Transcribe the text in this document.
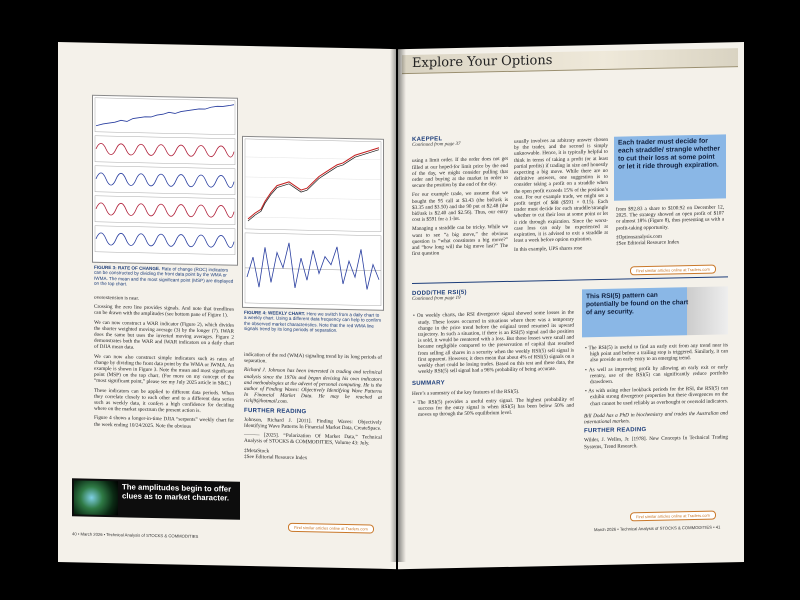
FIGURE 3: RATE OF CHANGE. Rate of change (ROC) indicators can be constructed by dividing the front data point by the WMA or IWMA. The mean and the most significant point (MSP) are displayed on the top chart.
FIGURE 4: WEEKLY CHART. Here we switch from a daily chart to a weekly chart. Using a different data frequency can help to confirm the observed market characteristics. Note that the red WMA line signals trend by its long periods of separation.

overextension is near.

Crossing the zero line provides signals. And note that trendlines can be drawn with the amplitudes (see bottom pane of Figure 1).

We can now construct a WAR indicator (Figure 2), which divides the shorter weighted moving average (3) by the longer (7). IWAR does the same but uses the inverted moving averages. Figure 2 demonstrates both the WAR and IWAR indicators on a daily chart of DJIA mean data.

We can now also construct simple indicators such as rates of change by dividing the front data point by the WMA or IWMA. An example is shown in Figure 3. Note the mean and most significant point (MSP) on the top chart. (For more on my concept of the “most significant point,” please see my July 2025 article in S&C.)

These indicators can be applied to different data periods. When they correlate closely to each other and to a different data series such as weekly data, it confers a high confidence for deciding where on the market spectrum the present action is.

Figure 4 shows a longer-in-time DJIA “serpents” weekly chart for the week ending 10/24/2025. Note the obvious

indication of the red (WMA) signaling trend by its long periods of separation.

Richard J. Johnson has been interested in trading and technical analysis since the 1970s and began devising his own indicators and methodologies at the advent of personal computing. He is the author of Finding Waves: Objectively Identifying Wave Patterns In Financial Market Data. He may be reached at rickj9@hotmail.com.

FURTHER READING

Johnson, Richard J. [2011]. Finding Waves: Objectively Identifying Wave Patterns In Financial Market Data, CreateSpace.

——— [2025]. “Polarization Of Market Data,” Technical Analysis of STOCKS & COMMODITIES, Volume 43: July.

‡MetaStock

‡See Editorial Resource Index

The amplitudes begin to offer clues as to market character.
Find similar articles online at Traders.com
40 • March 2026 • Technical Analysis of STOCKS & COMMODITIES
Explore Your Options

KAEPPEL

Continued from page 37

using a limit order. If the order does not get filled at our hoped-for limit price by the end of the day, we might consider pulling that order and buying at the market in order to secure the position by the end of the day.

For our example trade, we assume that we bought the 95 call at $3.43 (the bid/ask is $3.35 and $3.50) and the 90 put at $2.48 (the bid/ask is $2.40 and $2.56). Thus, our entry cost is $591 for a 1-lot.

Managing a straddle can be tricky. While we want to see “a big move,” the obvious question is “what constitutes a big move?” and “how long will the big move last?” The first question

usually involves an arbitrary answer chosen by the trader, and the second is simply unknowable. Hence, it is typically helpful to think in terms of taking a profit (or at least partial profits) if trading in size and honestly expecting a big move. While there are no definitive answers, one suggestion is to consider taking a profit on a straddle when the open profit exceeds 15% of the position’s cost. For our example trade, we might set a profit target of $88 ($591 × 0.15). Each trader must decide for each straddle/strangle whether to cut their loss at some point or let it ride through expiration. Since the worst-case loss can only be experienced at expiration, it is advised to exit a straddle at least a week before option expiration.

In this example, UPS shares rose

Each trader must decide for each straddle/ strangle whether to cut their loss at some point or let it ride through expiration.

from $92.83 a share to $100.92 on December 12, 2025. The strategy showed an open profit of $107 or almost 18% (Figure 8), thus presenting us with a profit-taking opportunity.

‡Optionsanalysis.com

‡See Editorial Resource Index

Find similar articles online at Traders.com

DODD/THE RSI(5)

Continued from page 19

• On weekly charts, the RSI divergence signal showed some losses in the study. These losses occurred in situations where there was a temporary change in the price trend before the original trend resumed its upward trajectory. In such a situation, if there is an RSI(5) signal and the position is sold, it would be reentered with a loss. But those losses were small and became negligible compared to the preservation of capital that resulted from selling all shares in a security when the weekly RSI(5) sell signal is first apparent. However, it does mean that about 4% of RSI(5) signals on a weekly chart could be losing trades. Based on this test and these data, the weekly RSI(5) sell signal had a 96% probability of being accurate.

SUMMARY

Here’s a summary of the key features of the RSI(5).

• The RSI(5) provides a useful entry signal. The highest probability of success for the entry signal is when RSI(5) has been below 50% and moves up through the 50% equilibrium level.

This RSI(5) pattern can potentially be found on the chart of any security.

• The RSI(5) is useful to find an early exit from any trend near its high point and before a trailing stop is triggered. Similarly, it can also provide an early entry to an emerging trend.

• As well as improving profit by allowing an early exit or early reentry, use of the RSI(5) can significantly reduce portfolio drawdown.

• As with using other lookback periods for the RSI, the RSI(5) can exhibit strong divergence properties but these divergences on the chart cannot be used reliably as overbought or oversold indicators.

Bill Dodd has a PhD in biochemistry and trades the Australian and international markets.

FURTHER READING

Wilder, J. Welles, Jr. [1978]. New Concepts In Technical Trading Systems, Trend Research.

Find similar articles online at Traders.com
March 2026 • Technical Analysis of STOCKS & COMMODITIES • 41
